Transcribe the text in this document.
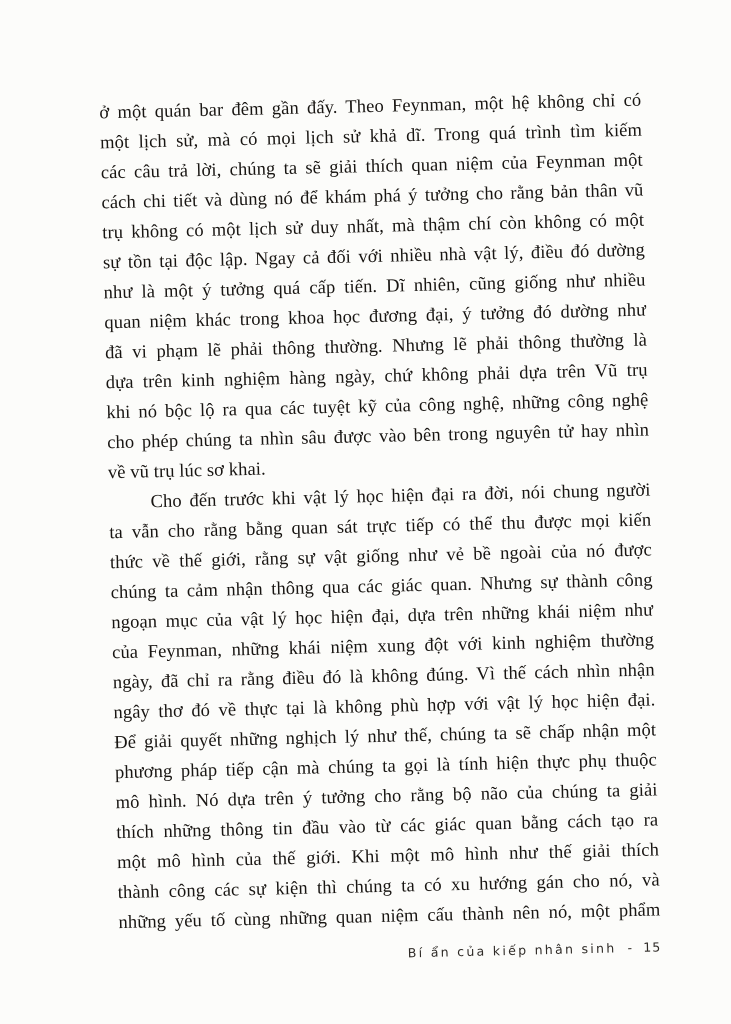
ở một quán bar đêm gần đấy. Theo Feynman, một hệ không chỉ có
một lịch sử, mà có mọi lịch sử khả dĩ. Trong quá trình tìm kiếm
các câu trả lời, chúng ta sẽ giải thích quan niệm của Feynman một
cách chi tiết và dùng nó để khám phá ý tưởng cho rằng bản thân vũ
trụ không có một lịch sử duy nhất, mà thậm chí còn không có một
sự tồn tại độc lập. Ngay cả đối với nhiều nhà vật lý, điều đó dường
như là một ý tưởng quá cấp tiến. Dĩ nhiên, cũng giống như nhiều
quan niệm khác trong khoa học đương đại, ý tưởng đó dường như
đã vi phạm lẽ phải thông thường. Nhưng lẽ phải thông thường là
dựa trên kinh nghiệm hàng ngày, chứ không phải dựa trên Vũ trụ
khi nó bộc lộ ra qua các tuyệt kỹ của công nghệ, những công nghệ
cho phép chúng ta nhìn sâu được vào bên trong nguyên tử hay nhìn
về vũ trụ lúc sơ khai.
Cho đến trước khi vật lý học hiện đại ra đời, nói chung người
ta vẫn cho rằng bằng quan sát trực tiếp có thể thu được mọi kiến
thức về thế giới, rằng sự vật giống như vẻ bề ngoài của nó được
chúng ta cảm nhận thông qua các giác quan. Nhưng sự thành công
ngoạn mục của vật lý học hiện đại, dựa trên những khái niệm như
của Feynman, những khái niệm xung đột với kinh nghiệm thường
ngày, đã chỉ ra rằng điều đó là không đúng. Vì thế cách nhìn nhận
ngây thơ đó về thực tại là không phù hợp với vật lý học hiện đại.
Để giải quyết những nghịch lý như thế, chúng ta sẽ chấp nhận một
phương pháp tiếp cận mà chúng ta gọi là tính hiện thực phụ thuộc
mô hình. Nó dựa trên ý tưởng cho rằng bộ não của chúng ta giải
thích những thông tin đầu vào từ các giác quan bằng cách tạo ra
một mô hình của thế giới. Khi một mô hình như thế giải thích
thành công các sự kiện thì chúng ta có xu hướng gán cho nó, và
những yếu tố cùng những quan niệm cấu thành nên nó, một phẩm
Bí ẩn của kiếp nhân sinh - 15
